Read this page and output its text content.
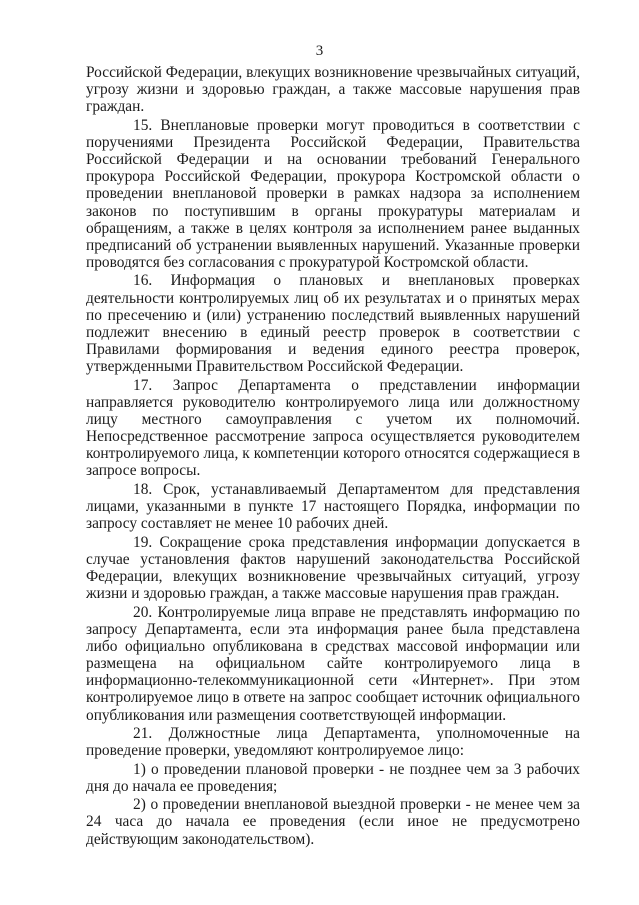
3

Российской Федерации, влекущих возникновение чрезвычайных ситуаций, угрозу жизни и здоровью граждан, а также массовые нарушения прав граждан.

15. Внеплановые проверки могут проводиться в соответствии с поручениями Президента Российской Федерации, Правительства Российской Федерации и на основании требований Генерального прокурора Российской Федерации, прокурора Костромской области о проведении внеплановой проверки в рамках надзора за исполнением законов по поступившим в органы прокуратуры материалам и обращениям, а также в целях контроля за исполнением ранее выданных предписаний об устранении выявленных нарушений. Указанные проверки проводятся без согласования с прокуратурой Костромской области.

16. Информация о плановых и внеплановых проверках деятельности контролируемых лиц об их результатах и о принятых мерах по пресечению и (или) устранению последствий выявленных нарушений подлежит внесению в единый реестр проверок в соответствии с Правилами формирования и ведения единого реестра проверок, утвержденными Правительством Российской Федерации.

17. Запрос Департамента о представлении информации направляется руководителю контролируемого лица или должностному лицу местного самоуправления с учетом их полномочий. Непосредственное рассмотрение запроса осуществляется руководителем контролируемого лица, к компетенции которого относятся содержащиеся в запросе вопросы.

18. Срок, устанавливаемый Департаментом для представления лицами, указанными в пункте 17 настоящего Порядка, информации по запросу составляет не менее 10 рабочих дней.

19. Сокращение срока представления информации допускается в случае установления фактов нарушений законодательства Российской Федерации, влекущих возникновение чрезвычайных ситуаций, угрозу жизни и здоровью граждан, а также массовые нарушения прав граждан.

20. Контролируемые лица вправе не представлять информацию по запросу Департамента, если эта информация ранее была представлена либо официально опубликована в средствах массовой информации или размещена на официальном сайте контролируемого лица в информационно-телекоммуникационной сети «Интернет». При этом контролируемое лицо в ответе на запрос сообщает источник официального опубликования или размещения соответствующей информации.

21. Должностные лица Департамента, уполномоченные на проведение проверки, уведомляют контролируемое лицо:

1) о проведении плановой проверки - не позднее чем за 3 рабочих дня до начала ее проведения;

2) о проведении внеплановой выездной проверки - не менее чем за 24 часа до начала ее проведения (если иное не предусмотрено действующим законодательством).
